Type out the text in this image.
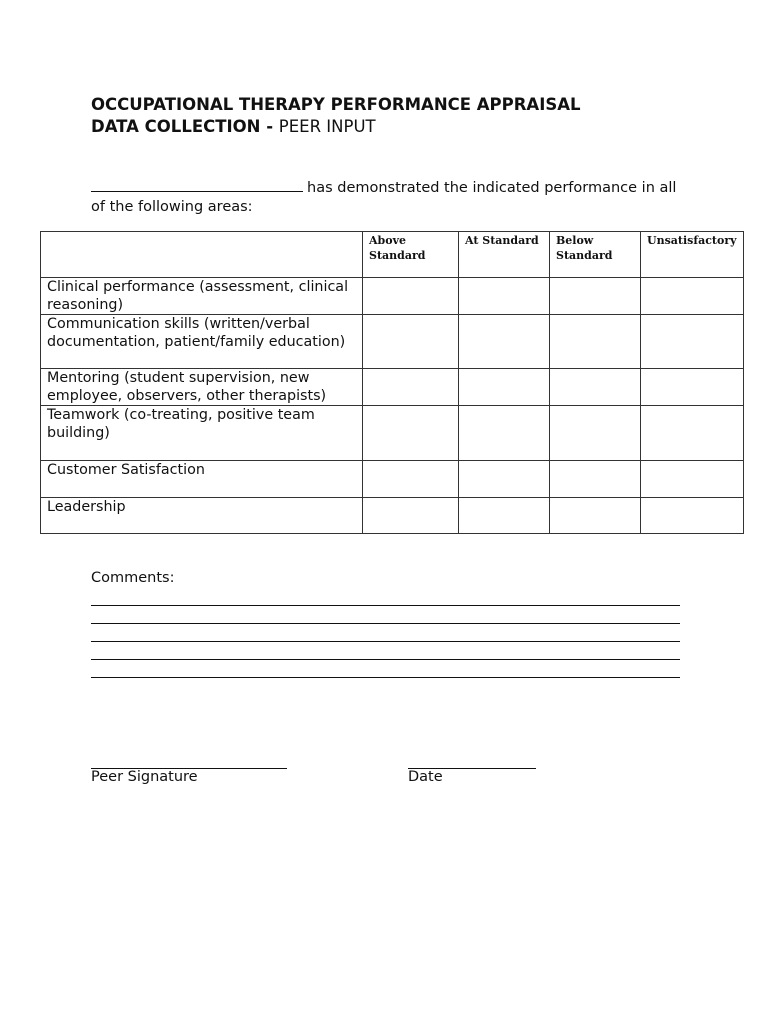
OCCUPATIONAL THERAPY PERFORMANCE APPRAISAL
DATA COLLECTION - PEER INPUT
has demonstrated the indicated performance in all of the following areas:
	Above Standard	At Standard	Below Standard	Unsatisfactory
Clinical performance (assessment, clinical reasoning)				
Communication skills (written/verbal documentation, patient/family education)				
Mentoring (student supervision, new employee, observers, other therapists)				
Teamwork (co-treating, positive team building)				
Customer Satisfaction				
Leadership				
Comments:
Peer Signature	Date
